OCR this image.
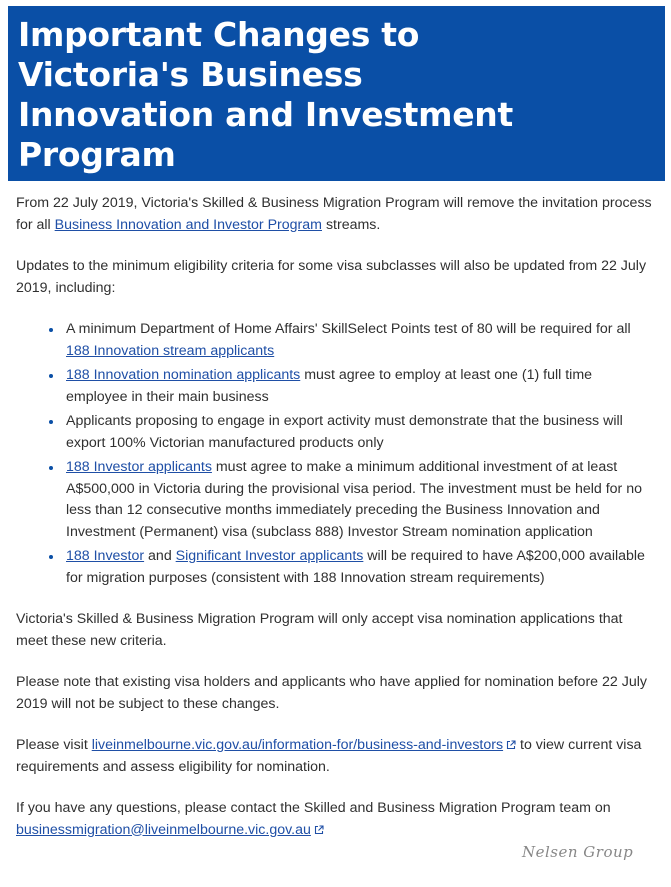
Important Changes to
Victoria's Business
Innovation and Investment
Program

From 22 July 2019, Victoria's Skilled & Business Migration Program will remove the invitation process for all Business Innovation and Investor Program streams.

Updates to the minimum eligibility criteria for some visa subclasses will also be updated from 22 July 2019, including:

A minimum Department of Home Affairs' SkillSelect Points test of 80 will be required for all 188 Innovation stream applicants
188 Innovation nomination applicants must agree to employ at least one (1) full time employee in their main business
Applicants proposing to engage in export activity must demonstrate that the business will export 100% Victorian manufactured products only
188 Investor applicants must agree to make a minimum additional investment of at least A$500,000 in Victoria during the provisional visa period. The investment must be held for no less than 12 consecutive months immediately preceding the Business Innovation and Investment (Permanent) visa (subclass 888) Investor Stream nomination application
188 Investor and Significant Investor applicants will be required to have A$200,000 available for migration purposes (consistent with 188 Innovation stream requirements)

Victoria's Skilled & Business Migration Program will only accept visa nomination applications that meet these new criteria.

Please note that existing visa holders and applicants who have applied for nomination before 22 July 2019 will not be subject to these changes.

Please visit liveinmelbourne.vic.gov.au/information-for/business-and-investors to view current visa requirements and assess eligibility for nomination.

If you have any questions, please contact the Skilled and Business Migration Program team on businessmigration@liveinmelbourne.vic.gov.au

Nelsen Group
